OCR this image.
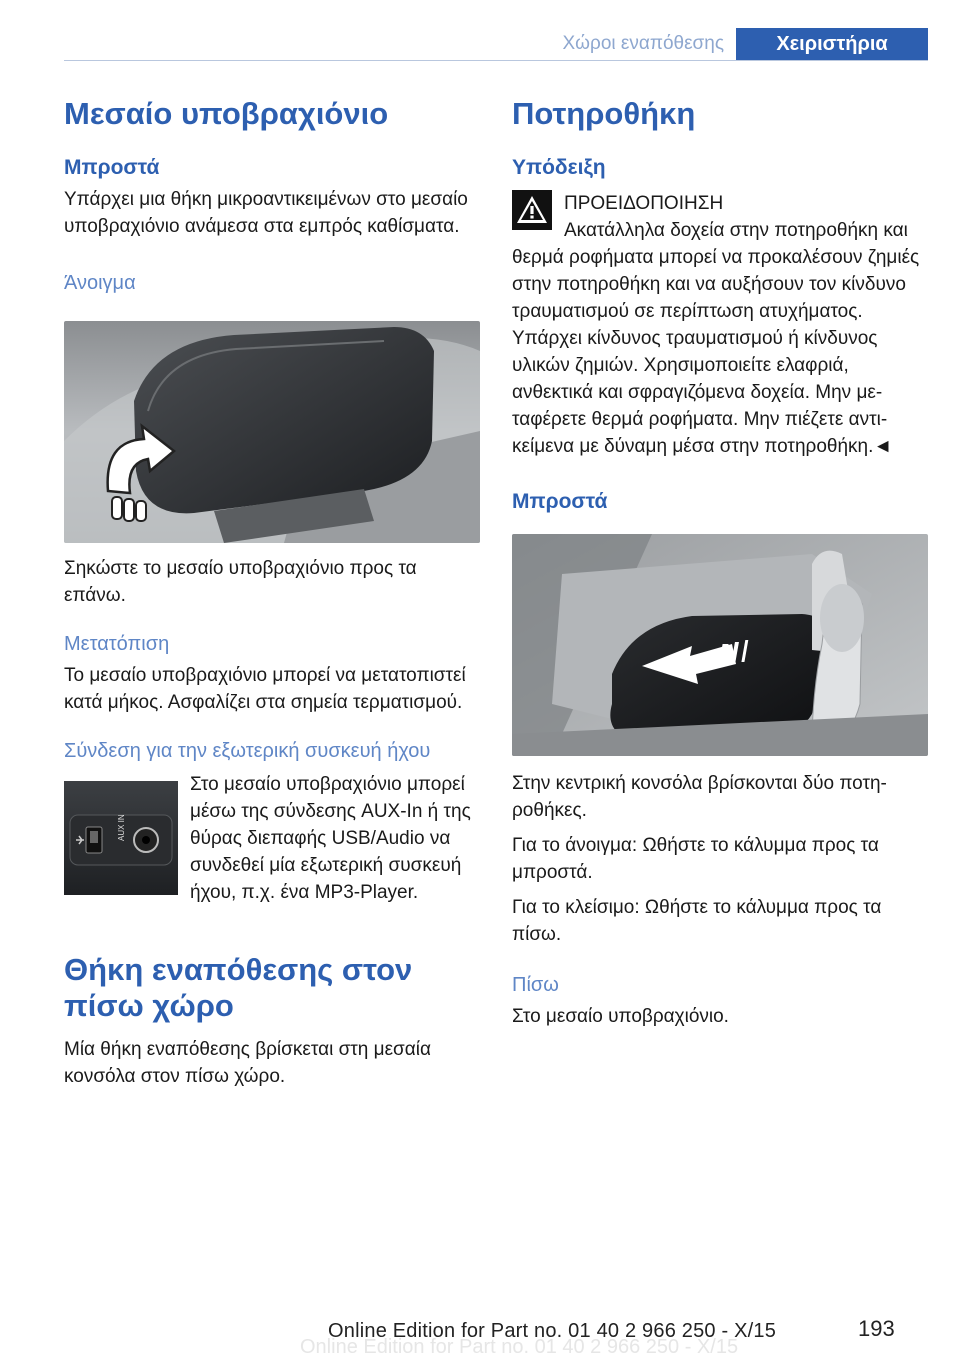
Χώροι εναπόθεσης	Χειριστήρια
Μεσαίο υποβραχιόνιο
Μπροστά

Υπάρχει μια θήκη μικροαντικειμένων στο μεσαίο υποβραχιόνιο ανάμεσα στα εμπρός καθίσματα.

Άνοιγμα

Σηκώστε το μεσαίο υποβραχιόνιο προς τα επάνω.

Μετατόπιση

Το μεσαίο υποβραχιόνιο μπορεί να μετατοπιστεί κατά μήκος. Ασφαλίζει στα σημεία τερματισμού.

Σύνδεση για την εξωτερική συσκευή ήχου
AUX IN

Στο μεσαίο υποβραχιόνιο μπορεί μέσω της σύνδεσης AUX-In ή της θύρας διεπαφής USB/Audio να συνδεθεί μία εξωτερική συσκευή ήχου, π.χ. ένα MP3-Player.

Θήκη εναπόθεσης στον πίσω χώρο

Μία θήκη εναπόθεσης βρίσκεται στη μεσαία κονσόλα στον πίσω χώρο.

Ποτηροθήκη
Υπόδειξη

ΠΡΟΕΙΔΟΠΟΙΗΣΗ

Ακατάλληλα δοχεία στην ποτηροθήκη και θερμά ροφήματα μπορεί να προκαλέσουν ζημιές στην ποτηροθήκη και να αυξήσουν τον κίνδυνο τραυματισμού σε περίπτωση ατυχήματος. Υπάρχει κίνδυνος τραυματισμού ή κίνδυνος υλικών ζημιών. Χρησιμοποιείτε ελαφριά, ανθεκτικά και σφραγιζόμενα δοχεία. Μην μεταφέρετε θερμά ροφήματα. Μην πιέζετε αντικείμενα με δύναμη μέσα στην ποτηροθήκη.◄

Μπροστά

Στην κεντρική κονσόλα βρίσκονται δύο ποτηροθήκες.

Για το άνοιγμα: Ωθήστε το κάλυμμα προς τα μπροστά.

Για το κλείσιμο: Ωθήστε το κάλυμμα προς τα πίσω.

Πίσω

Στο μεσαίο υποβραχιόνιο.

Online Edition for Part no. 01 40 2 966 250 - X/15
Online Edition for Part no. 01 40 2 966 250 - X/15	193
